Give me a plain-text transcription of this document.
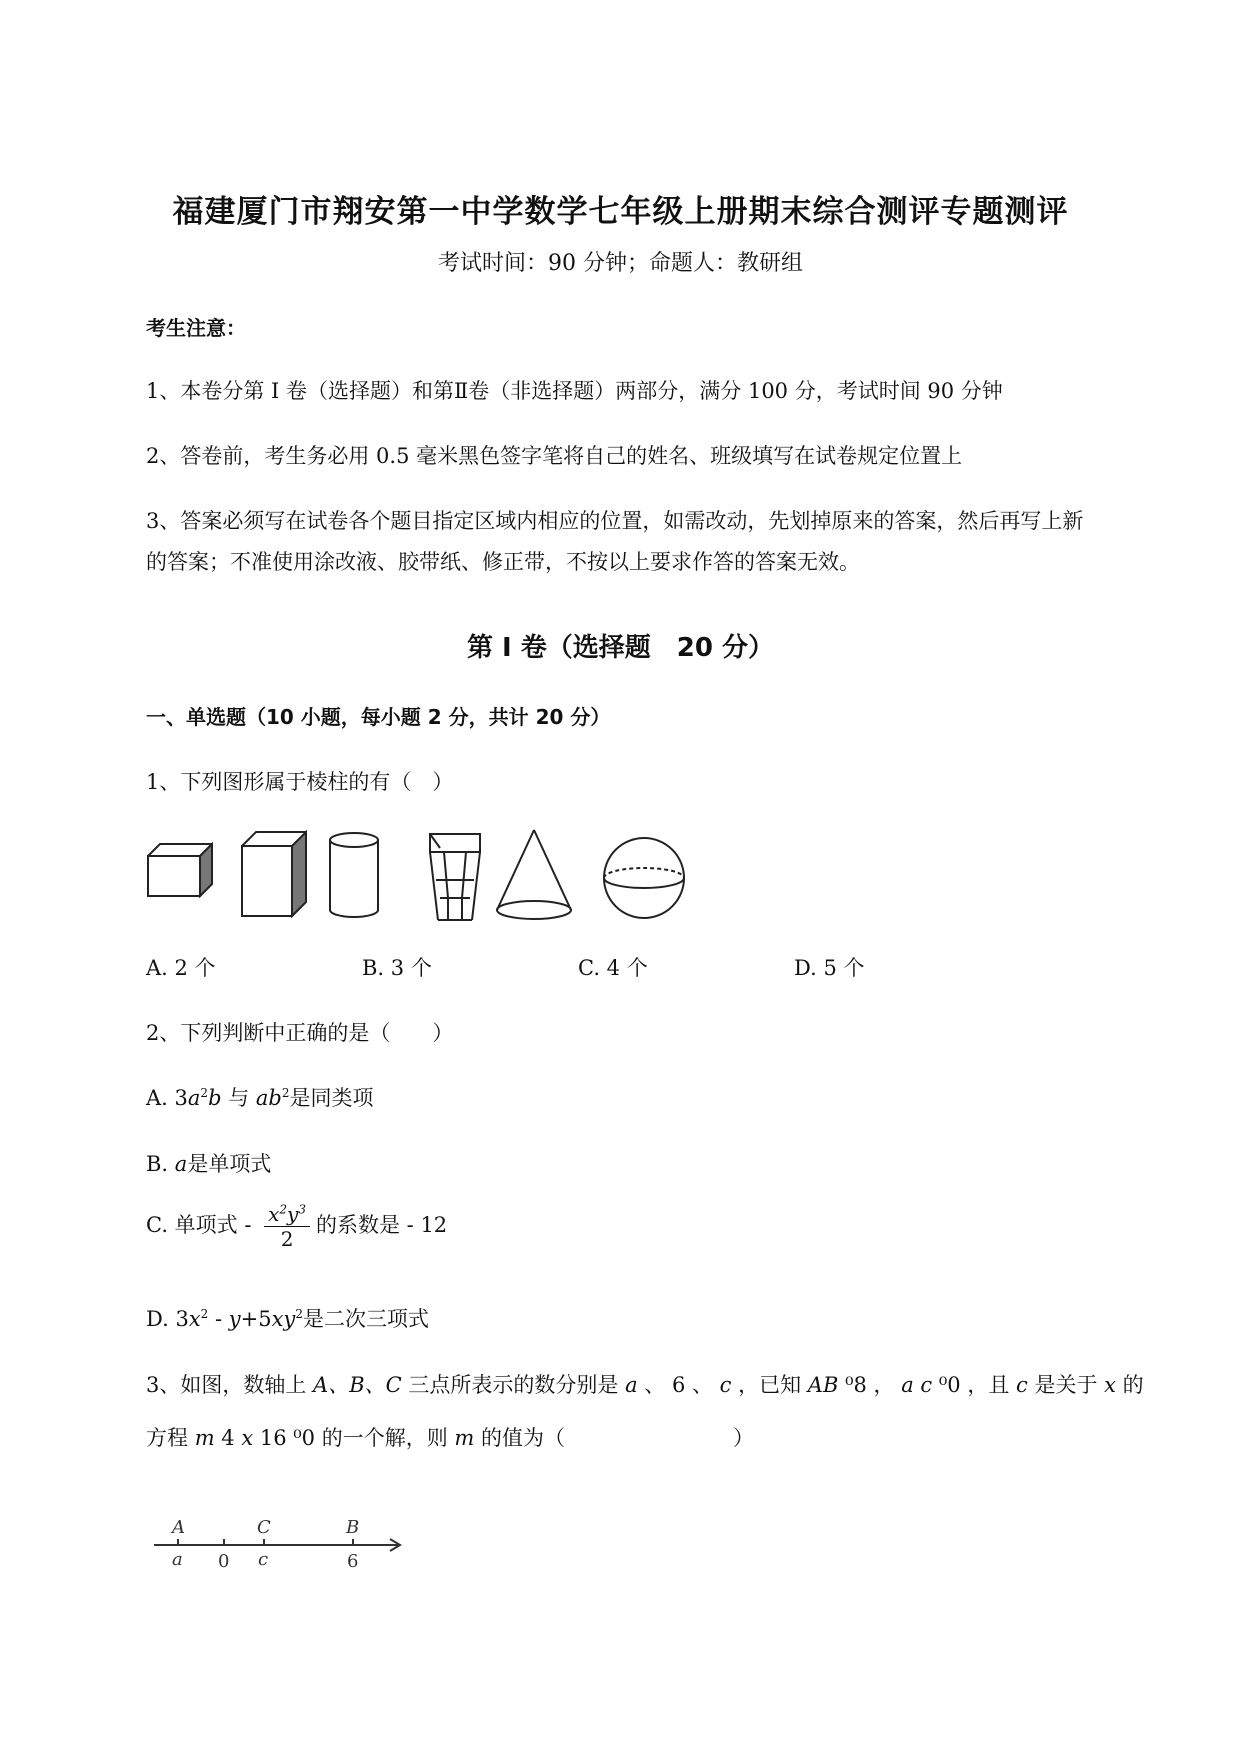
福建厦门市翔安第一中学数学七年级上册期末综合测评专题测评
考试时间：90 分钟；命题人：教研组
考生注意：
1、本卷分第 I 卷（选择题）和第Ⅱ卷（非选择题）两部分，满分 100 分，考试时间 90 分钟
2、答卷前，考生务必用 0.5 毫米黑色签字笔将自己的姓名、班级填写在试卷规定位置上
3、答案必须写在试卷各个题目指定区域内相应的位置，如需改动，先划掉原来的答案，然后再写上新
的答案；不准使用涂改液、胶带纸、修正带，不按以上要求作答的答案无效。
第 I 卷（选择题　20 分）
一、单选题（10 小题，每小题 2 分，共计 20 分）
1、下列图形属于棱柱的有（　）
A. 2 个	B. 3 个	C. 4 个	D. 5 个
2、下列判断中正确的是（　　）
A. $3a^2b$ 与 $ab^2$是同类项
B. a是单项式
C. 单项式 - $\frac{x^2y^3}{2}$ 的系数是 - 12
D. $3x^2 - y+5xy^2$是二次三项式
3、如图，数轴上 A、B、C 三点所表示的数分别是 a 、 6 、 c ，已知 AB ⁰8 ， a c ⁰0 ，且 c 是关于 x 的
方程 m 4 x 16 ⁰0 的一个解，则 m 的值为（　　　　　　　　）
A	C	B
a 0 c	6
